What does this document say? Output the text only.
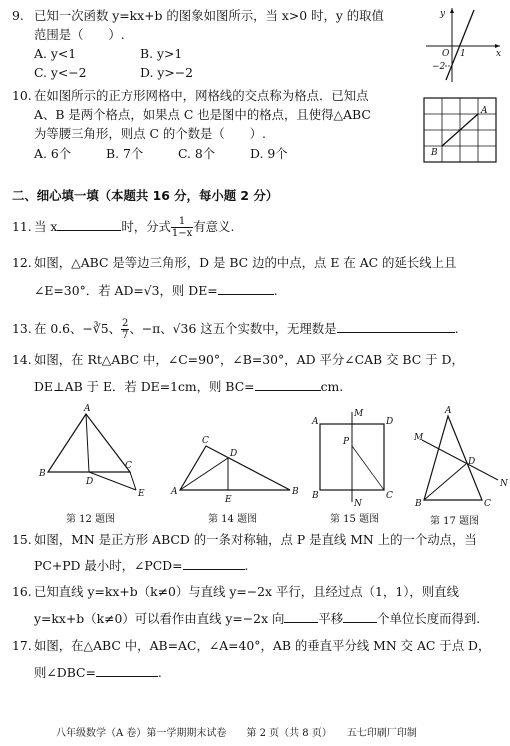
9. 已知一次函数 y=kx+b 的图象如图所示，当 x>0 时，y 的取值
范围是（　　）.
A. y<1	B. y>1
C. y<−2	D. y>−2
y
O	x
1
−2
10. 在如图所示的正方形网格中，网格线的交点称为格点．已知点
A、B 是两个格点，如果点 C 也是图中的格点，且使得△ABC
为等腰三角形，则点 C 的个数是（　　）.
A. 6个	B. 7个	C. 8个	D. 9个
A
B
二、细心填一填（本题共 16 分，每小题 2 分）
11. 当 x	时，分式 $\frac{1}{1-x}$ 有意义.
12. 如图，△ABC 是等边三角形，D 是 BC 边的中点，点 E 在 AC 的延长线上且
∠E=30°．若 AD=√3，则 DE=	.
13. 在 0.6̇、−∛5、 $\frac{2}{7}$ 、−π、√36 这五个实数中，无理数是	.
14. 如图，在 Rt△ABC 中，∠C=90°，∠B=30°，AD 平分∠CAB 交 BC 于 D，
DE⊥AB 于 E．若 DE=1cm，则 BC=	cm.
A
B
C
D
E
第 12 题图
C
A	B
D
E
第 14 题图
M
N
P
A
B	C
D
第 15 题图
A
B	C
D
M
N
第 17 题图
15. 如图，MN 是正方形 ABCD 的一条对称轴，点 P 是直线 MN 上的一个动点，当
PC+PD 最小时，∠PCD=	.
16. 已知直线 y=kx+b（k≠0）与直线 y=−2x 平行，且经过点（1，1），则直线
y=kx+b（k≠0）可以看作由直线 y=−2x 向	平移	个单位长度而得到.
17. 如图，在△ABC 中，AB=AC，∠A=40°，AB 的垂直平分线 MN 交 AC 于点 D，
则∠DBC=	.
八年级数学（A 卷）第一学期期末试卷　　第 2 页（共 8 页）　　五七印刷厂印制
